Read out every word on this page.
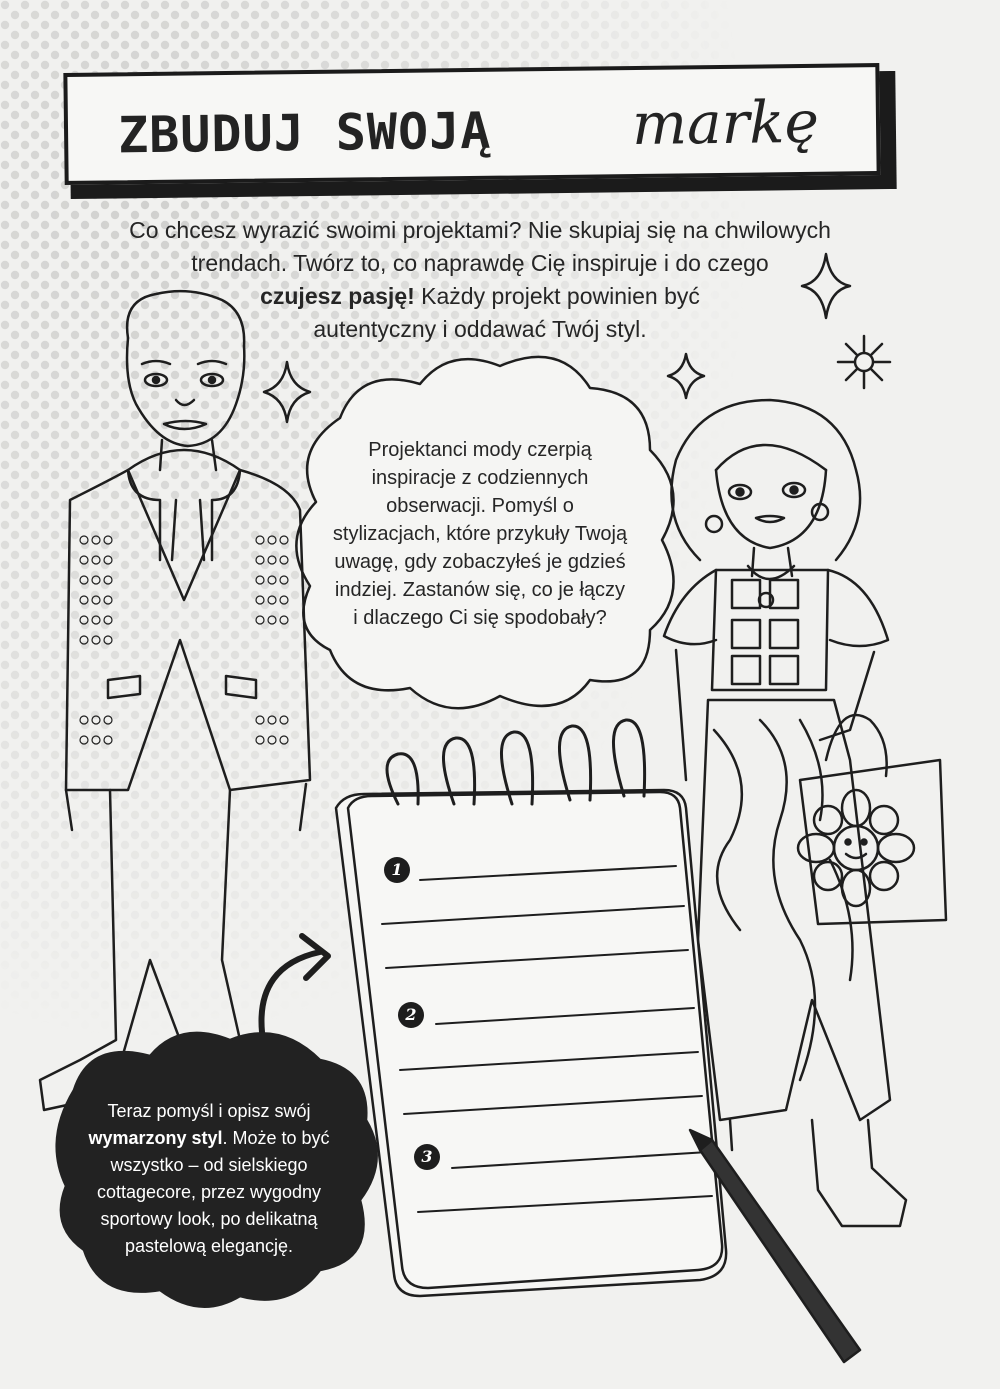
ZBUDUJ SWOJĄ markę
Co chcesz wyrazić swoimi projektami? Nie skupiaj się na chwilowych
trendach. Twórz to, co naprawdę Cię inspiruje i do czego
czujesz pasję! Każdy projekt powinien być
autentyczny i oddawać Twój styl.
1
2
3
Projektanci mody czerpią inspiracje z codziennych obserwacji. Pomyśl o stylizacjach, które przykuły Twoją uwagę, gdy zobaczyłeś je gdzieś indziej. Zastanów się, co je łączy i dlaczego Ci się spodobały?
Teraz pomyśl i opisz swój wymarzony styl. Może to być wszystko – od sielskiego cottagecore, przez wygodny sportowy look, po delikatną pastelową elegancję.
